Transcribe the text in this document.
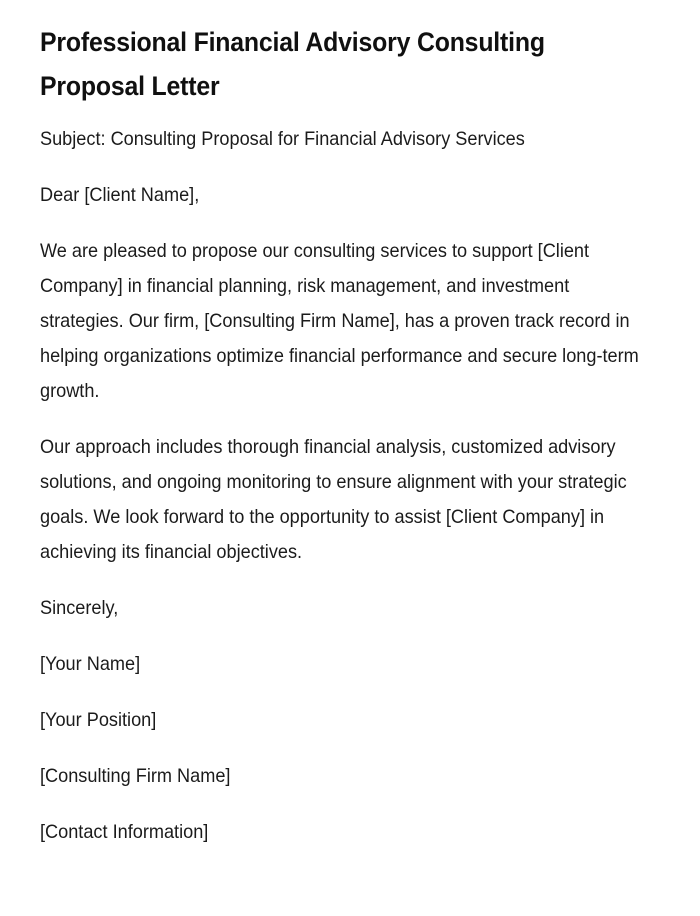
Professional Financial Advisory Consulting Proposal Letter

Subject: Consulting Proposal for Financial Advisory Services

Dear [Client Name],

We are pleased to propose our consulting services to support [Client Company] in financial planning, risk management, and investment strategies. Our firm, [Consulting Firm Name], has a proven track record in helping organizations optimize financial performance and secure long-term growth.

Our approach includes thorough financial analysis, customized advisory solutions, and ongoing monitoring to ensure alignment with your strategic goals. We look forward to the opportunity to assist [Client Company] in achieving its financial objectives.

Sincerely,

[Your Name]

[Your Position]

[Consulting Firm Name]

[Contact Information]
